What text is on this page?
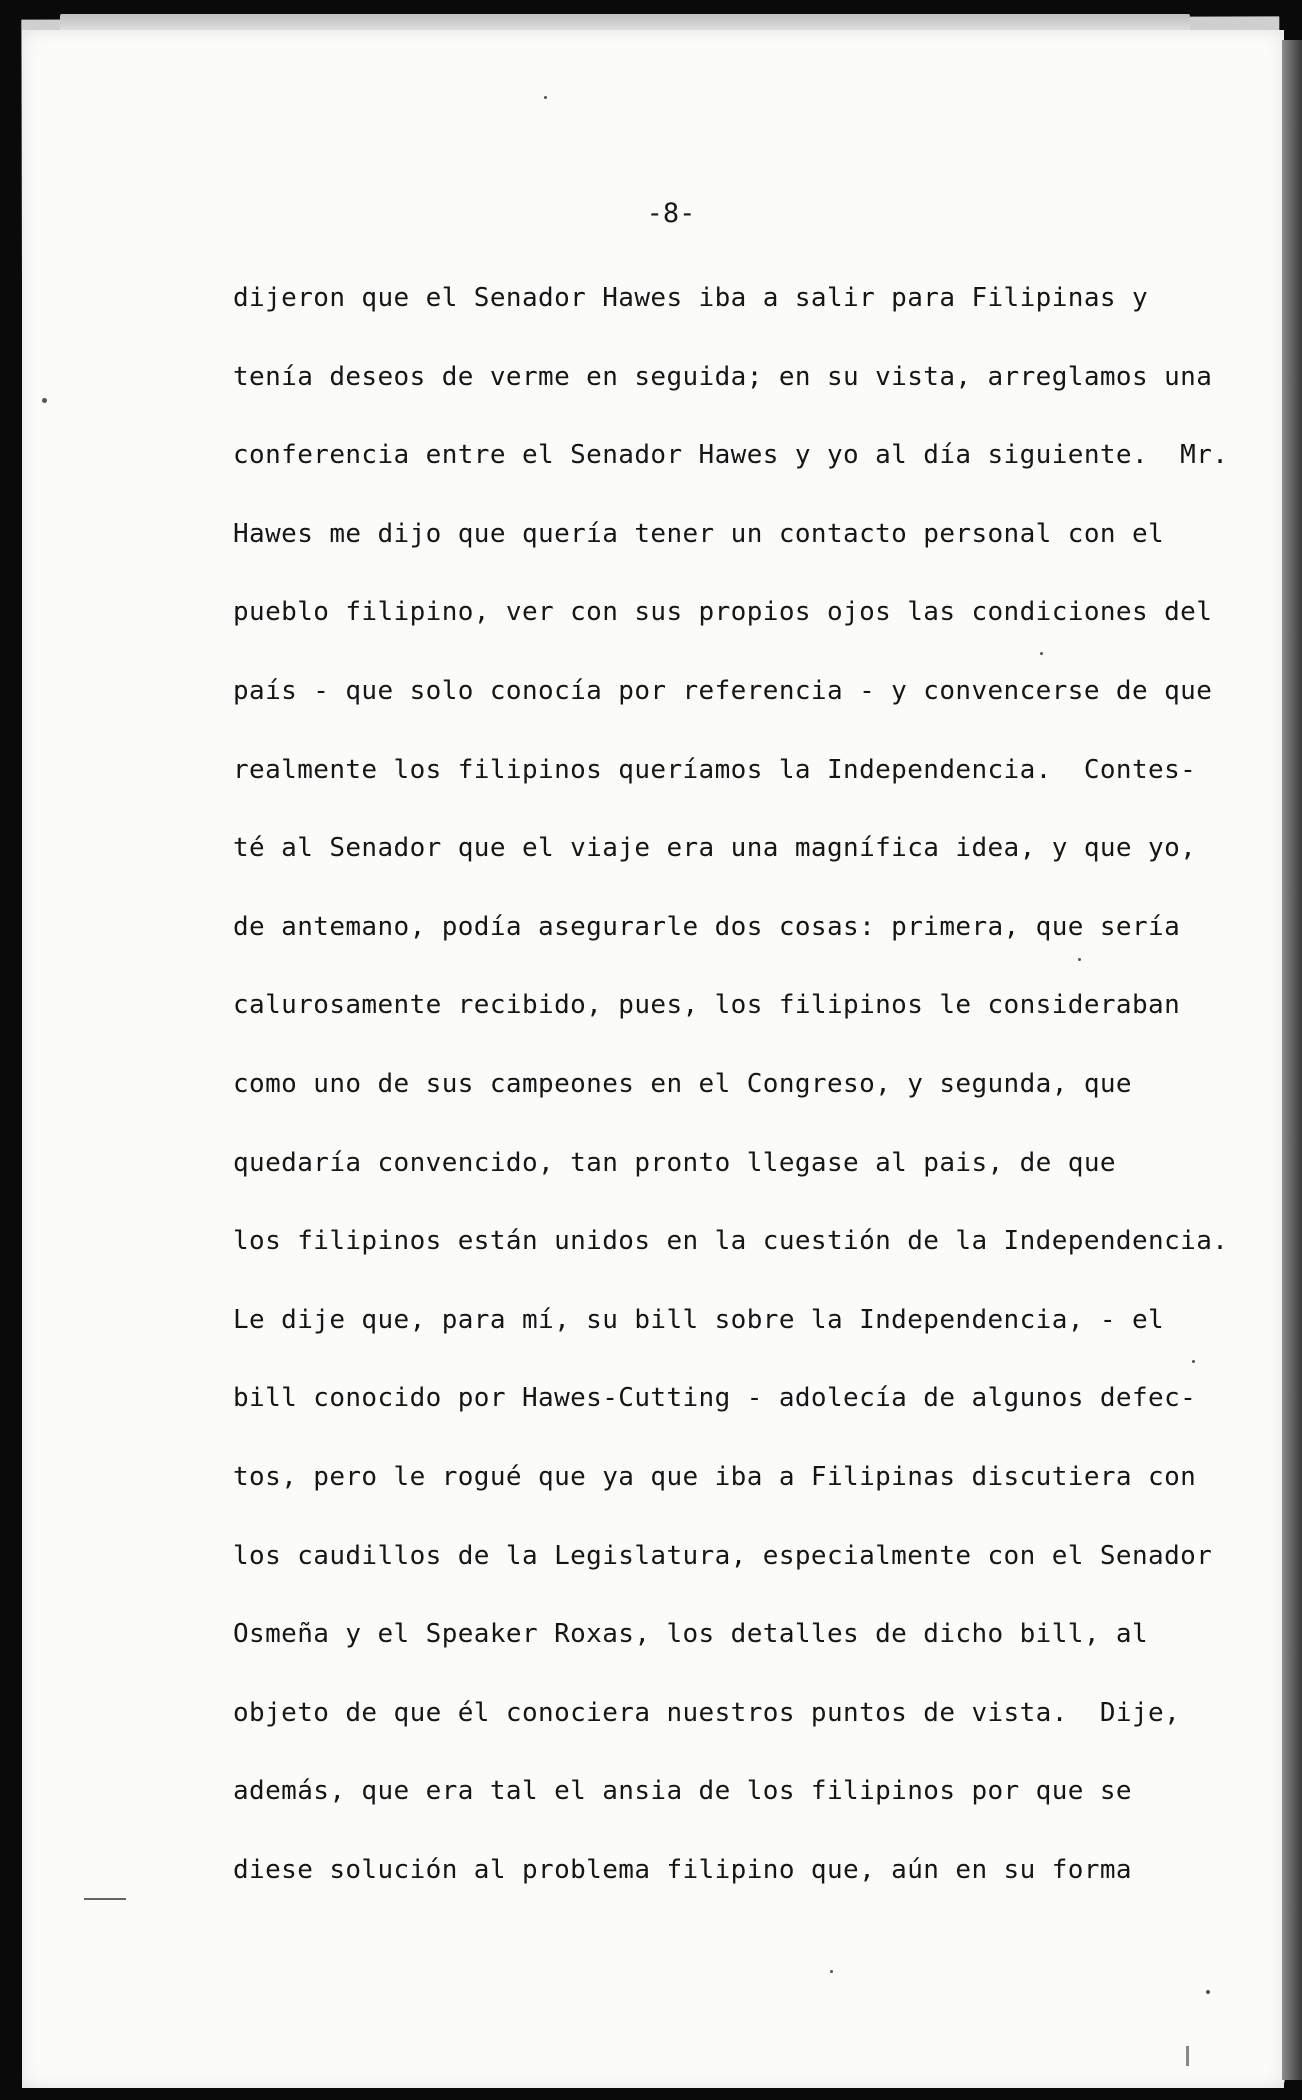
-8-
dijeron que el Senador Hawes iba a salir para Filipinas y
tenía deseos de verme en seguida; en su vista, arreglamos una
conferencia entre el Senador Hawes y yo al día siguiente.  Mr.
Hawes me dijo que quería tener un contacto personal con el
pueblo filipino, ver con sus propios ojos las condiciones del
país - que solo conocía por referencia - y convencerse de que
realmente los filipinos queríamos la Independencia.  Contes-
té al Senador que el viaje era una magnífica idea, y que yo,
de antemano, podía asegurarle dos cosas: primera, que sería
calurosamente recibido, pues, los filipinos le consideraban
como uno de sus campeones en el Congreso, y segunda, que
quedaría convencido, tan pronto llegase al pais, de que
los filipinos están unidos en la cuestión de la Independencia.
Le dije que, para mí, su bill sobre la Independencia, - el
bill conocido por Hawes-Cutting - adolecía de algunos defec-
tos, pero le rogué que ya que iba a Filipinas discutiera con
los caudillos de la Legislatura, especialmente con el Senador
Osmeña y el Speaker Roxas, los detalles de dicho bill, al
objeto de que él conociera nuestros puntos de vista.  Dije,
además, que era tal el ansia de los filipinos por que se
diese solución al problema filipino que, aún en su forma
